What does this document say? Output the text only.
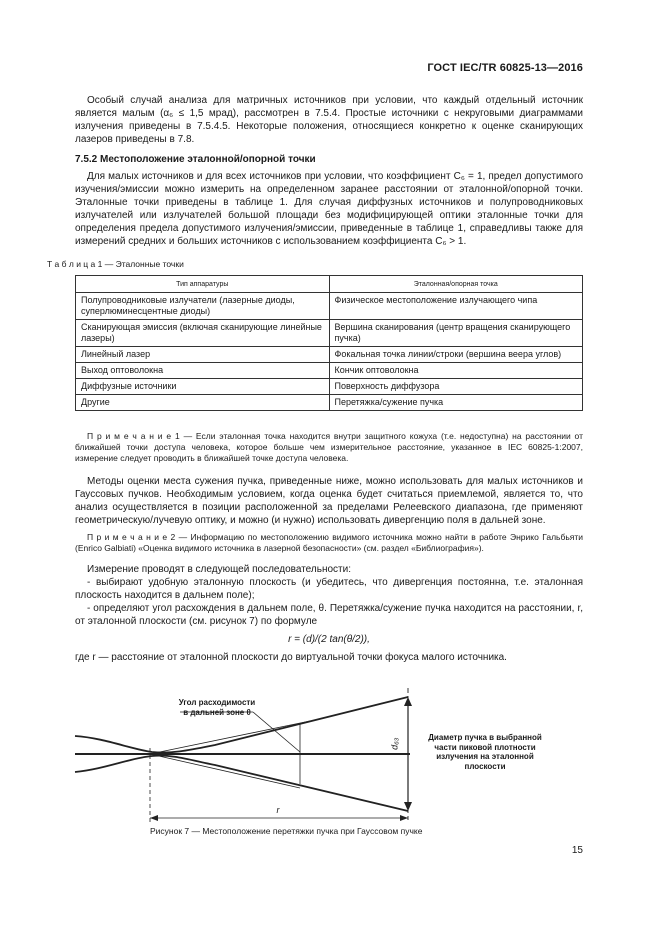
ГОСТ IEC/TR 60825-13—2016

Особый случай анализа для матричных источников при условии, что каждый отдельный источник является малым (α₆ ≤ 1,5 мрад), рассмотрен в 7.5.4. Простые источники с некруговыми диаграммами излучения приведены в 7.5.4.5. Некоторые положения, относящиеся конкретно к оценке сканирующих лазеров приведены в 7.8.

7.5.2 Местоположение эталонной/опорной точки

Для малых источников и для всех источников при условии, что коэффициент C₆ = 1, предел допустимого изучения/эмиссии можно измерить на определенном заранее расстоянии от эталонной/опорной точки. Эталонные точки приведены в таблице 1. Для случая диффузных источников и полупроводниковых излучателей или излучателей большой площади без модифицирующей оптики эталонные точки для определения предела допустимого излучения/эмиссии, приведенные в таблице 1, справедливы также для измерений средних и больших источников с использованием коэффициента C₆ > 1.

Т а б л и ц а 1 — Эталонные точки

Тип аппаратуры	Эталонная/опорная точка
Полупроводниковые излучатели (лазерные диоды, суперлюминесцентные диоды)	Физическое местоположение излучающего чипа
Сканирующая эмиссия (включая сканирующие линейные лазеры)	Вершина сканирования (центр вращения сканирующего пучка)
Линейный лазер	Фокальная точка линии/строки (вершина веера углов)
Выход оптоволокна	Кончик оптоволокна
Диффузные источники	Поверхность диффузора
Другие	Перетяжка/сужение пучка

П р и м е ч а н и е 1 — Если эталонная точка находится внутри защитного кожуха (т.е. недоступна) на расстоянии от ближайшей точки доступа человека, которое больше чем измерительное расстояние, указанное в IEC 60825-1:2007, измерение следует проводить в ближайшей точке доступа человека.

Методы оценки места сужения пучка, приведенные ниже, можно использовать для малых источников и Гауссовых пучков. Необходимым условием, когда оценка будет считаться приемлемой, является то, что анализ осуществляется в позиции расположенной за пределами Релеевского диапазона, где применяют геометрическую/лучевую оптику, и можно (и нужно) использовать дивергенцию поля в дальней зоне.

П р и м е ч а н и е 2 — Информацию по местоположению видимого источника можно найти в работе Энрико Гальбьяти (Enrico Galbiati) «Оценка видимого источника в лазерной безопасности» (см. раздел «Библиография»).

Измерение проводят в следующей последовательности:

- выбирают удобную эталонную плоскость (и убедитесь, что дивергенция постоянна, т.е. эталонная плоскость находится в дальнем поле);

- определяют угол расхождения в дальнем поле, θ. Перетяжка/сужение пучка находится на расстоянии, r, от эталонной плоскости (см. рисунок 7) по формуле

r = (d)/(2 tan(θ/2)),

где r — расстояние от эталонной плоскости до виртуальной точки фокуса малого источника.

Угол расходимости
в дальней зоне θ
d₆₃
Диаметр пучка в выбранной
части пиковой плотности
излучения на эталонной
плоскости
r
Рисунок 7 — Местоположение перетяжки пучка при Гауссовом пучке
15
